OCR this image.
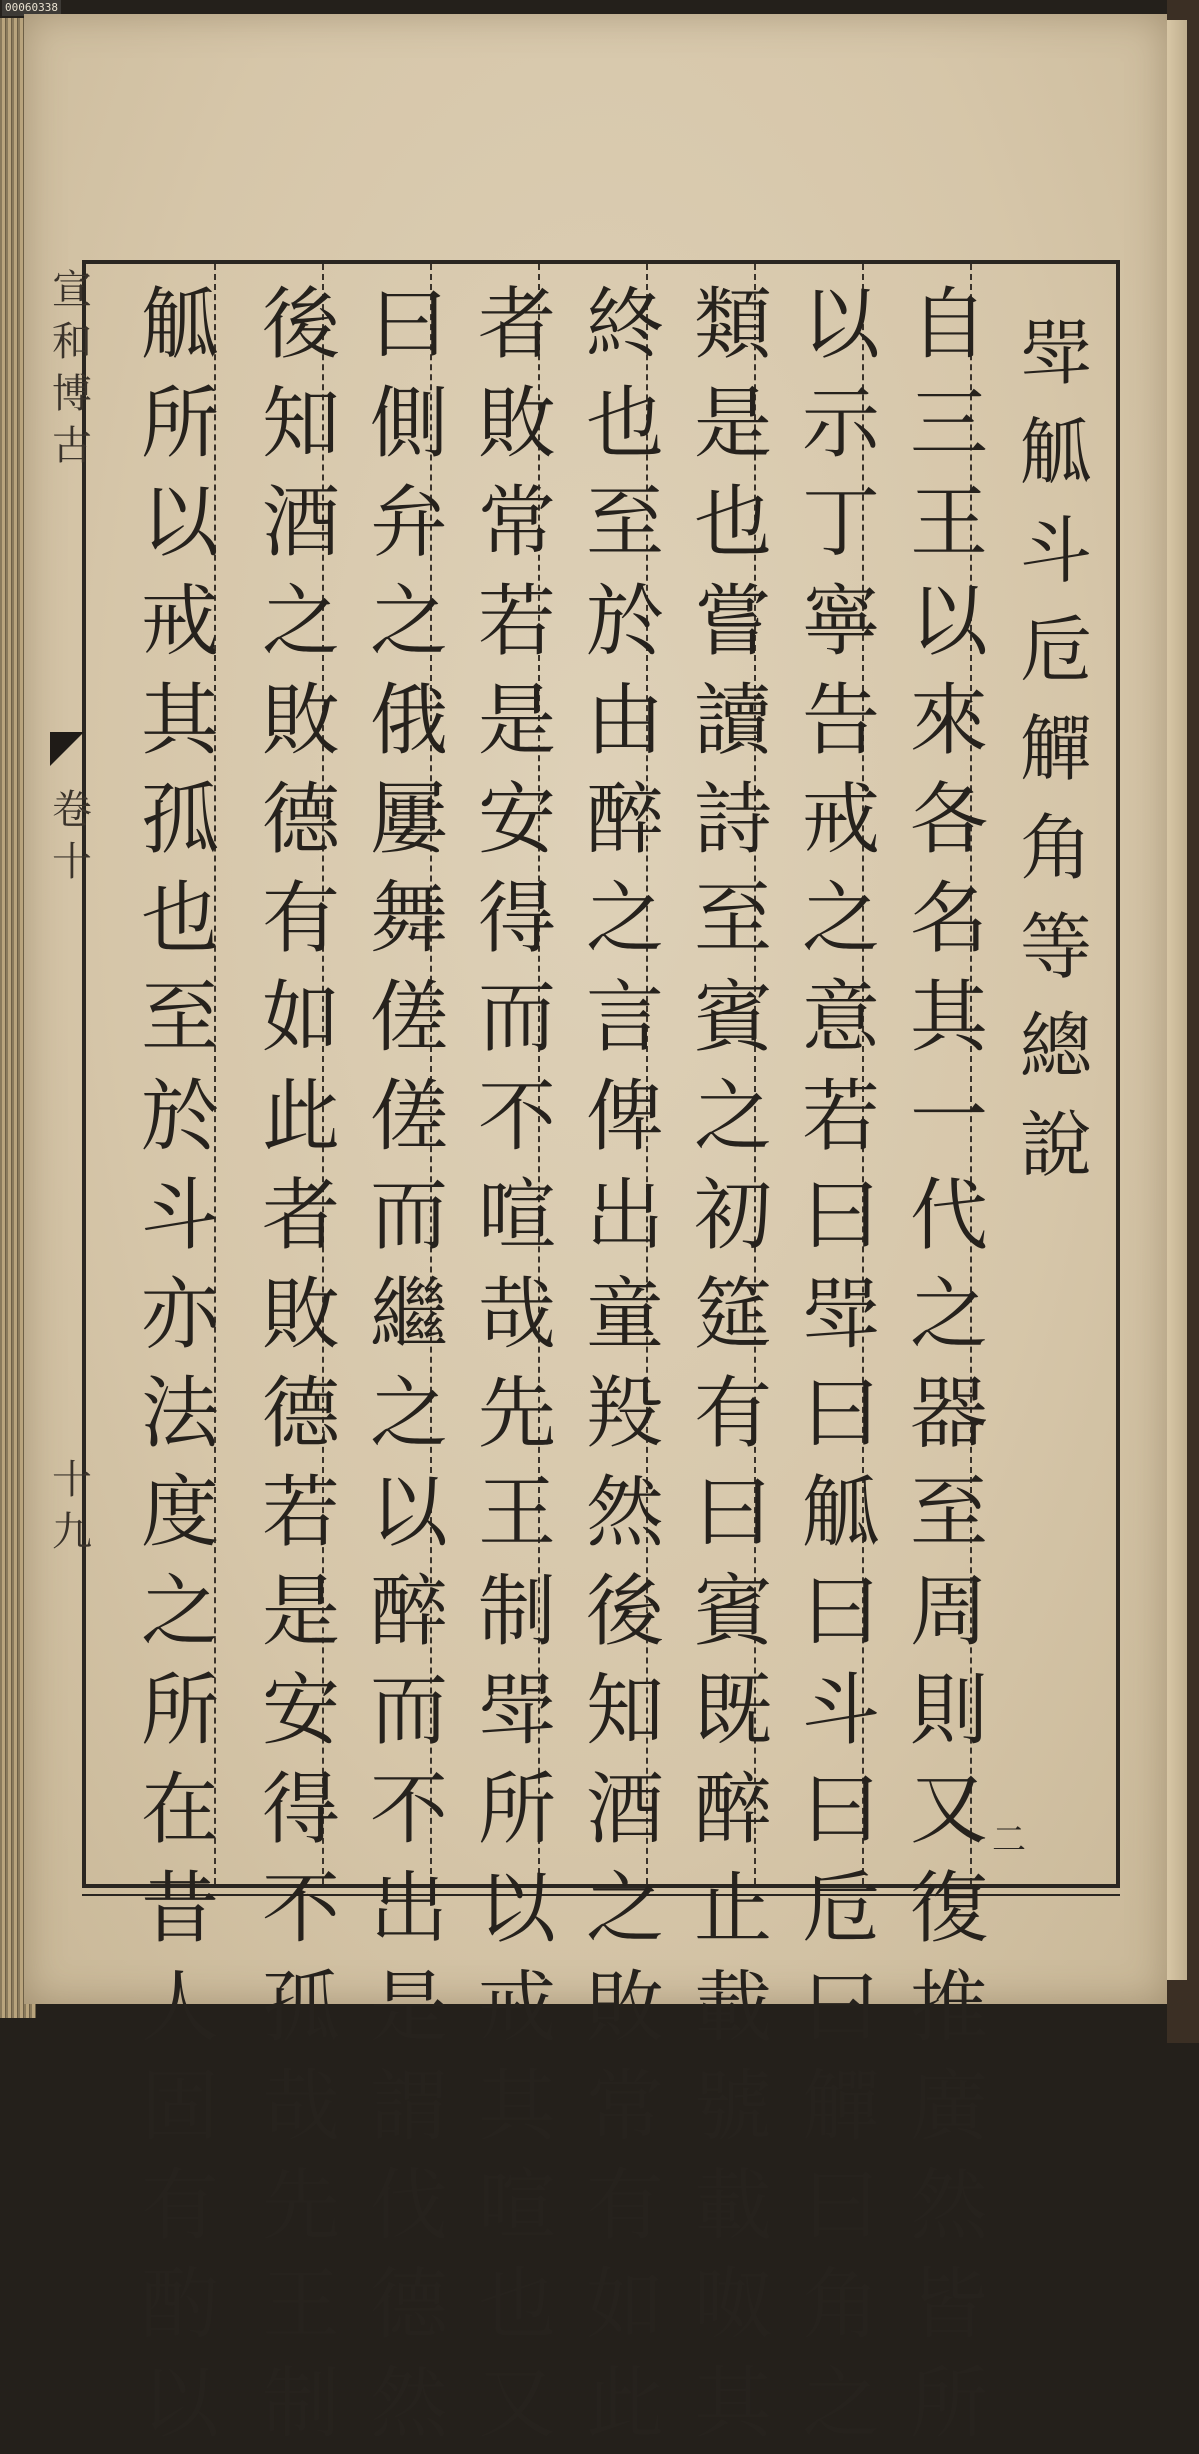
00060338
斝
觚
斗
卮
觶
角
等
總
說
自
三
王
以
來
各
名
其
一
代
之
器
至
周
則
又
復
推
廣
然
皆
所
以
示
丁
寧
告
戒
之
意
若
曰
斝
曰
觚
曰
斗
曰
卮
曰
觶
曰
角
之
類
是
也
嘗
讀
詩
至
賓
之
初
筵
有
曰
賓
既
醉
止
載
號
載
呶
其
終
也
至
於
由
醉
之
言
俾
出
童
羖
然
後
知
酒
之
敗
常
有
如
此
者
敗
常
若
是
安
得
而
不
喧
哉
先
王
制
斝
所
以
戒
其
喧
也
又
曰
側
弁
之
俄
屢
舞
傞
傞
而
繼
之
以
醉
而
不
出
是
謂
伐
德
然
後
知
酒
之
敗
德
有
如
此
者
敗
德
若
是
安
得
不
孤
哉
先
王
制
觚
所
以
戒
其
孤
也
至
於
斗
亦
法
度
之
所
在
昔
人
固
有
酌
以
宣
和
博
古
卷
十
十
九
二
